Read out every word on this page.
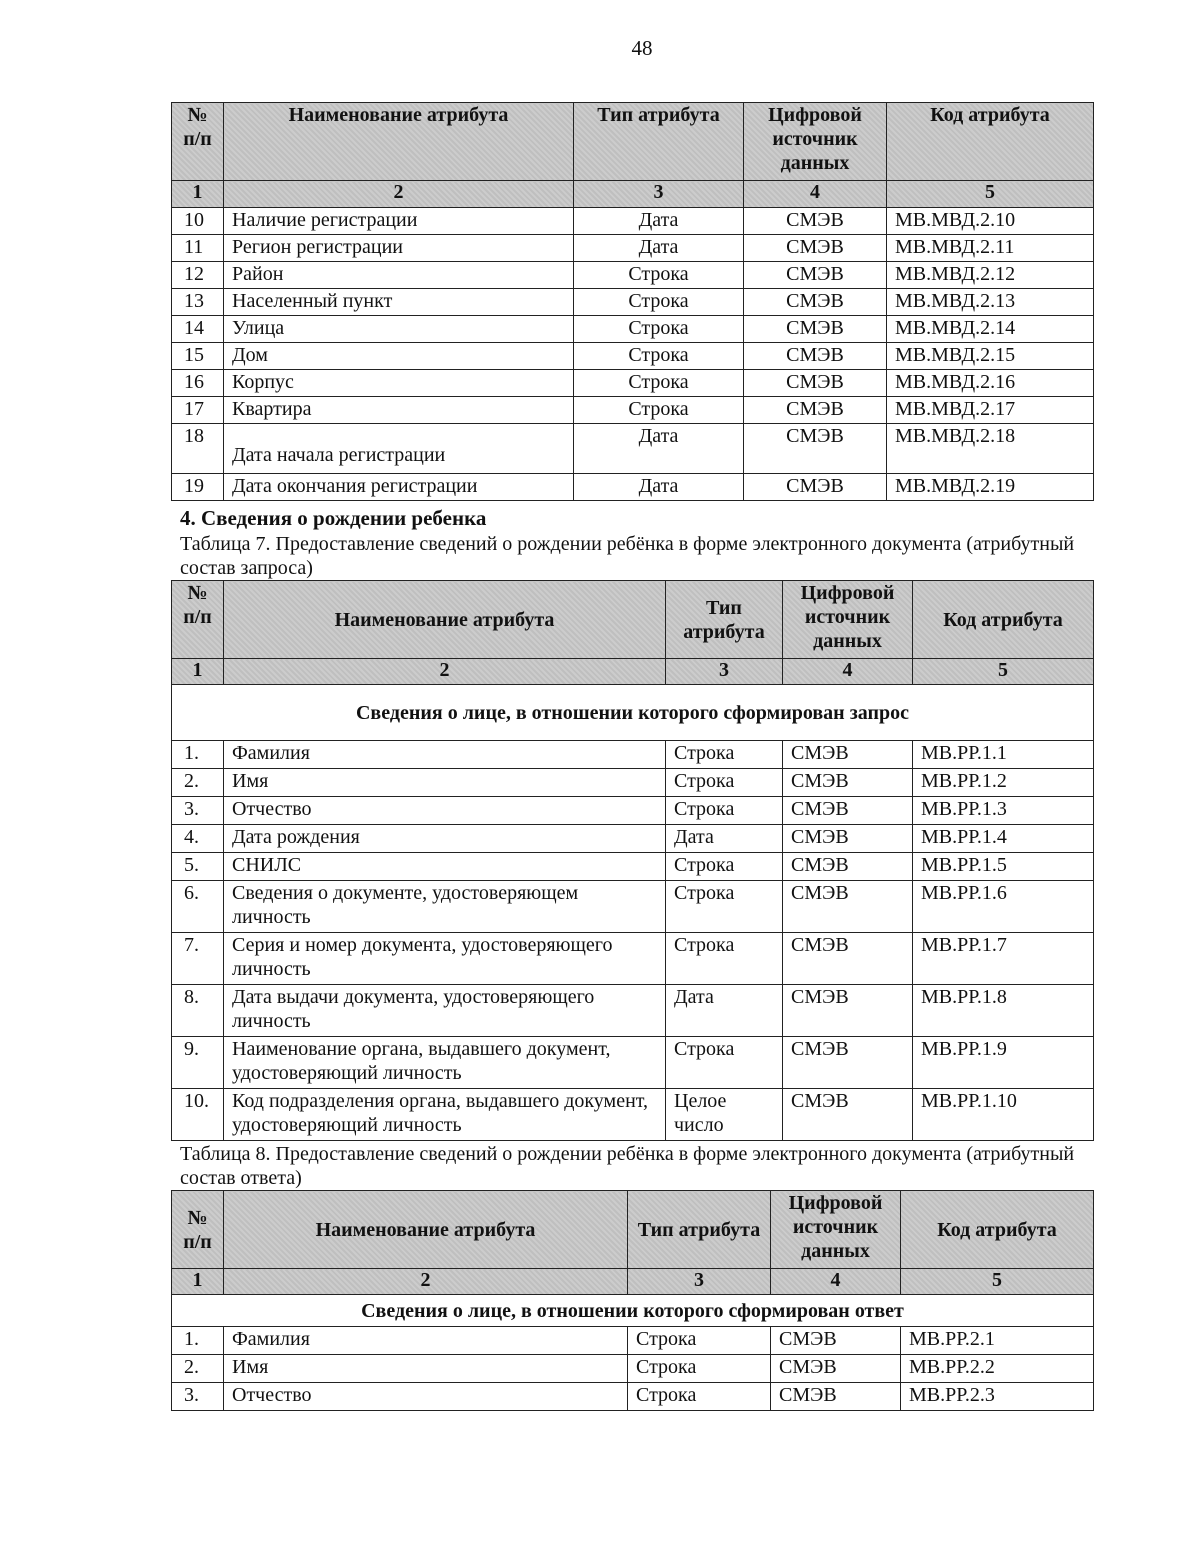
48
№ п/п	Наименование атрибута	Тип атрибута	Цифровой источник данных	Код атрибута
1	2	3	4	5
10	Наличие регистрации	Дата	СМЭВ	МВ.МВД.2.10
11	Регион регистрации	Дата	СМЭВ	МВ.МВД.2.11
12	Район	Строка	СМЭВ	МВ.МВД.2.12
13	Населенный пункт	Строка	СМЭВ	МВ.МВД.2.13
14	Улица	Строка	СМЭВ	МВ.МВД.2.14
15	Дом	Строка	СМЭВ	МВ.МВД.2.15
16	Корпус	Строка	СМЭВ	МВ.МВД.2.16
17	Квартира	Строка	СМЭВ	МВ.МВД.2.17
18	Дата начала регистрации	Дата	СМЭВ	МВ.МВД.2.18
19	Дата окончания регистрации	Дата	СМЭВ	МВ.МВД.2.19
4. Сведения о рождении ребенка
Таблица 7. Предоставление сведений о рождении ребёнка в форме электронного документа (атрибутный состав запроса)
№ п/п	Наименование атрибута	Тип атрибута	Цифровой источник данных	Код атрибута
1	2	3	4	5
Сведения о лице, в отношении которого сформирован запрос				
1.	Фамилия	Строка	СМЭВ	МВ.РР.1.1
2.	Имя	Строка	СМЭВ	МВ.РР.1.2
3.	Отчество	Строка	СМЭВ	МВ.РР.1.3
4.	Дата рождения	Дата	СМЭВ	МВ.РР.1.4
5.	СНИЛС	Строка	СМЭВ	МВ.РР.1.5
6.	Сведения о документе, удостоверяющем личность	Строка	СМЭВ	МВ.РР.1.6
7.	Серия и номер документа, удостоверяющего личность	Строка	СМЭВ	МВ.РР.1.7
8.	Дата выдачи документа, удостоверяющего личность	Дата	СМЭВ	МВ.РР.1.8
9.	Наименование органа, выдавшего документ, удостоверяющий личность	Строка	СМЭВ	МВ.РР.1.9
10.	Код подразделения органа, выдавшего документ, удостоверяющий личность	Целое число	СМЭВ	МВ.РР.1.10
Таблица 8. Предоставление сведений о рождении ребёнка в форме электронного документа (атрибутный состав ответа)
№ п/п	Наименование атрибута	Тип атрибута	Цифровой источник данных	Код атрибута
1	2	3	4	5
Сведения о лице, в отношении которого сформирован ответ				
1.	Фамилия	Строка	СМЭВ	МВ.РР.2.1
2.	Имя	Строка	СМЭВ	МВ.РР.2.2
3.	Отчество	Строка	СМЭВ	МВ.РР.2.3
